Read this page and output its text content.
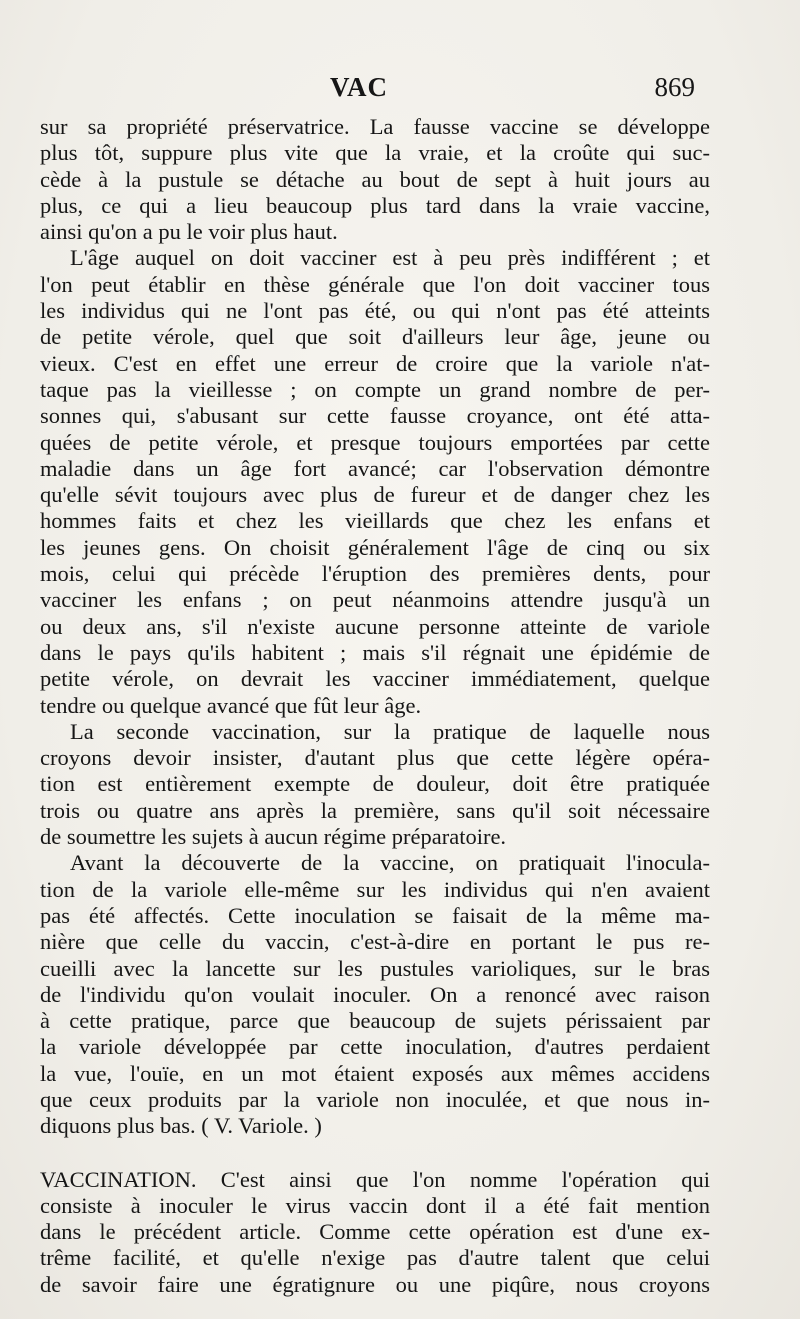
VAC	869
sur sa propriété préservatrice. La fausse vaccine se développe
plus tôt, suppure plus vite que la vraie, et la croûte qui suc-
cède à la pustule se détache au bout de sept à huit jours au
plus, ce qui a lieu beaucoup plus tard dans la vraie vaccine,
ainsi qu'on a pu le voir plus haut.
L'âge auquel on doit vacciner est à peu près indifférent ; et
l'on peut établir en thèse générale que l'on doit vacciner tous
les individus qui ne l'ont pas été, ou qui n'ont pas été atteints
de petite vérole, quel que soit d'ailleurs leur âge, jeune ou
vieux. C'est en effet une erreur de croire que la variole n'at-
taque pas la vieillesse ; on compte un grand nombre de per-
sonnes qui, s'abusant sur cette fausse croyance, ont été atta-
quées de petite vérole, et presque toujours emportées par cette
maladie dans un âge fort avancé; car l'observation démontre
qu'elle sévit toujours avec plus de fureur et de danger chez les
hommes faits et chez les vieillards que chez les enfans et
les jeunes gens. On choisit généralement l'âge de cinq ou six
mois, celui qui précède l'éruption des premières dents, pour
vacciner les enfans ; on peut néanmoins attendre jusqu'à un
ou deux ans, s'il n'existe aucune personne atteinte de variole
dans le pays qu'ils habitent ; mais s'il régnait une épidémie de
petite vérole, on devrait les vacciner immédiatement, quelque
tendre ou quelque avancé que fût leur âge.
La seconde vaccination, sur la pratique de laquelle nous
croyons devoir insister, d'autant plus que cette légère opéra-
tion est entièrement exempte de douleur, doit être pratiquée
trois ou quatre ans après la première, sans qu'il soit nécessaire
de soumettre les sujets à aucun régime préparatoire.
Avant la découverte de la vaccine, on pratiquait l'inocula-
tion de la variole elle-même sur les individus qui n'en avaient
pas été affectés. Cette inoculation se faisait de la même ma-
nière que celle du vaccin, c'est-à-dire en portant le pus re-
cueilli avec la lancette sur les pustules varioliques, sur le bras
de l'individu qu'on voulait inoculer. On a renoncé avec raison
à cette pratique, parce que beaucoup de sujets périssaient par
la variole développée par cette inoculation, d'autres perdaient
la vue, l'ouïe, en un mot étaient exposés aux mêmes accidens
que ceux produits par la variole non inoculée, et que nous in-
diquons plus bas. ( V. Variole. )
VACCINATION. C'est ainsi que l'on nomme l'opération qui
consiste à inoculer le virus vaccin dont il a été fait mention
dans le précédent article. Comme cette opération est d'une ex-
trême facilité, et qu'elle n'exige pas d'autre talent que celui
de savoir faire une égratignure ou une piqûre, nous croyons
